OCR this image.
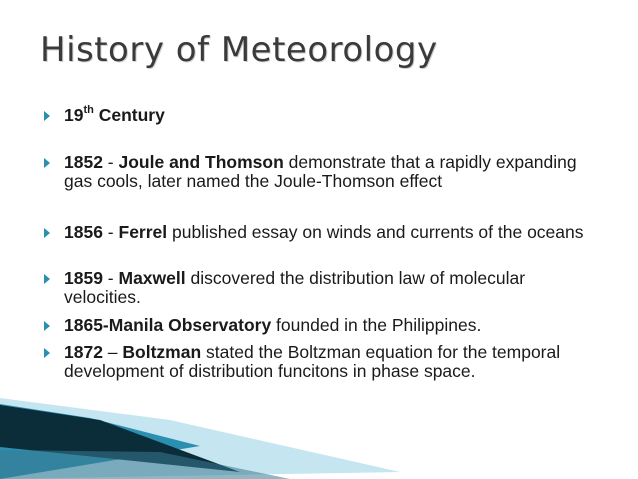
History of Meteorology
19th Century
1852 - Joule and Thomson demonstrate that a rapidly expanding gas cools, later named the Joule-Thomson effect
1856 - Ferrel published essay on winds and currents of the oceans
1859 - Maxwell discovered the distribution law of molecular velocities.
1865-Manila Observatory founded in the Philippines.
1872 – Boltzman stated the Boltzman equation for the temporal development of distribution funcitons in phase space.
